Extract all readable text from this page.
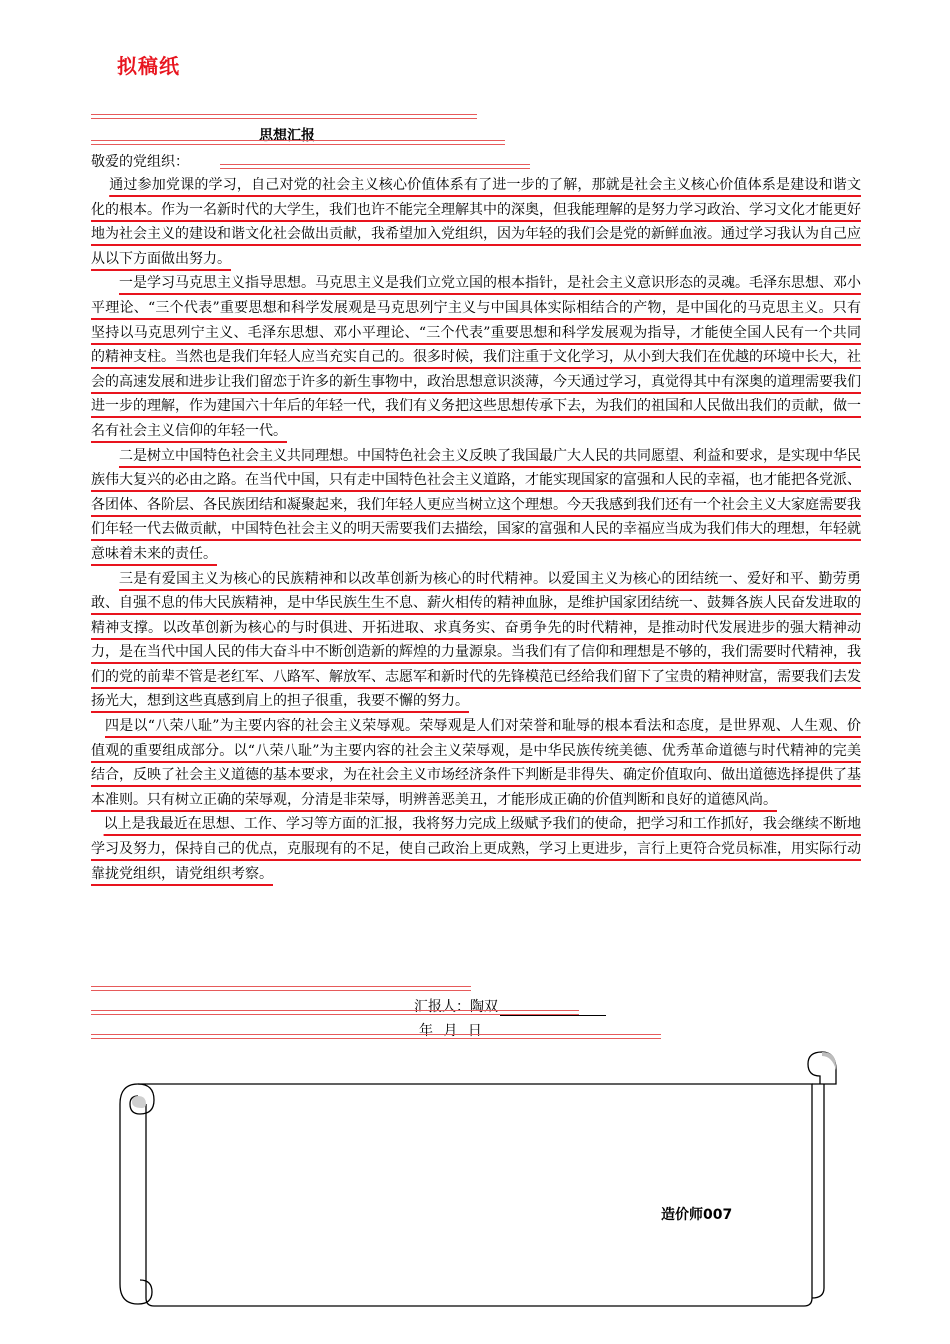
拟稿纸
思想汇报
敬爱的党组织：

通过参加党课的学习，自己对党的社会主义核心价值体系有了进一步的了解，那就是社会主义核心价值体系是建设和谐文化的根本。作为一名新时代的大学生，我们也许不能完全理解其中的深奥，但我能理解的是努力学习政治、学习文化才能更好地为社会主义的建设和谐文化社会做出贡献，我希望加入党组织，因为年轻的我们会是党的新鲜血液。通过学习我认为自己应从以下方面做出努力。

一是学习马克思主义指导思想。马克思主义是我们立党立国的根本指针，是社会主义意识形态的灵魂。毛泽东思想、邓小平理论、“三个代表”重要思想和科学发展观是马克思列宁主义与中国具体实际相结合的产物，是中国化的马克思主义。只有坚持以马克思列宁主义、毛泽东思想、邓小平理论、“三个代表”重要思想和科学发展观为指导，才能使全国人民有一个共同的精神支柱。当然也是我们年轻人应当充实自己的。很多时候，我们注重于文化学习，从小到大我们在优越的环境中长大，社会的高速发展和进步让我们留恋于许多的新生事物中，政治思想意识淡薄，今天通过学习，真觉得其中有深奥的道理需要我们进一步的理解，作为建国六十年后的年轻一代，我们有义务把这些思想传承下去，为我们的祖国和人民做出我们的贡献，做一名有社会主义信仰的年轻一代。

二是树立中国特色社会主义共同理想。中国特色社会主义反映了我国最广大人民的共同愿望、利益和要求，是实现中华民族伟大复兴的必由之路。在当代中国，只有走中国特色社会主义道路，才能实现国家的富强和人民的幸福，也才能把各党派、各团体、各阶层、各民族团结和凝聚起来，我们年轻人更应当树立这个理想。今天我感到我们还有一个社会主义大家庭需要我们年轻一代去做贡献，中国特色社会主义的明天需要我们去描绘，国家的富强和人民的幸福应当成为我们伟大的理想，年轻就意味着未来的责任。

三是有爱国主义为核心的民族精神和以改革创新为核心的时代精神。以爱国主义为核心的团结统一、爱好和平、勤劳勇敢、自强不息的伟大民族精神，是中华民族生生不息、薪火相传的精神血脉，是维护国家团结统一、鼓舞各族人民奋发进取的精神支撑。以改革创新为核心的与时俱进、开拓进取、求真务实、奋勇争先的时代精神，是推动时代发展进步的强大精神动力，是在当代中国人民的伟大奋斗中不断创造新的辉煌的力量源泉。当我们有了信仰和理想是不够的，我们需要时代精神，我们的党的前辈不管是老红军、八路军、解放军、志愿军和新时代的先锋模范已经给我们留下了宝贵的精神财富，需要我们去发扬光大，想到这些真感到肩上的担子很重，我要不懈的努力。

四是以“八荣八耻”为主要内容的社会主义荣辱观。荣辱观是人们对荣誉和耻辱的根本看法和态度，是世界观、人生观、价值观的重要组成部分。以“八荣八耻”为主要内容的社会主义荣辱观，是中华民族传统美德、优秀革命道德与时代精神的完美结合，反映了社会主义道德的基本要求，为在社会主义市场经济条件下判断是非得失、确定价值取向、做出道德选择提供了基本准则。只有树立正确的荣辱观，分清是非荣辱，明辨善恶美丑，才能形成正确的价值判断和良好的道德风尚。

以上是我最近在思想、工作、学习等方面的汇报，我将努力完成上级赋予我们的使命，把学习和工作抓好，我会继续不断地学习及努力，保持自己的优点，克服现有的不足，使自己政治上更成熟，学习上更进步，言行上更符合党员标准，用实际行动靠拢党组织，请党组织考察。

汇报人：陶双
年 月 日
造价师007
